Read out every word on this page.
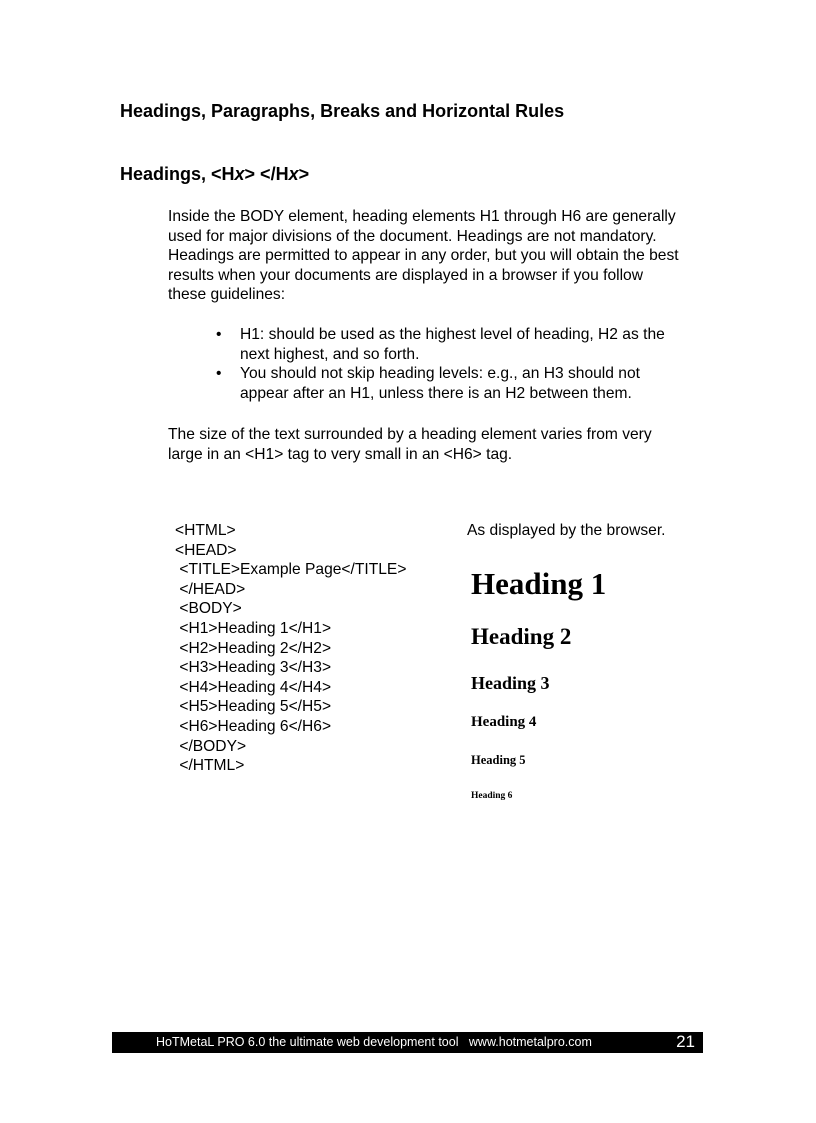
Headings, Paragraphs, Breaks and Horizontal Rules
Headings, <Hx> </Hx>
Inside the BODY element, heading elements H1 through H6 are generally
used for major divisions of the document. Headings are not mandatory.
Headings are permitted to appear in any order, but you will obtain the best
results when your documents are displayed in a browser if you follow
these guidelines:
• H1: should be used as the highest level of heading, H2 as the
next highest, and so forth.
• You should not skip heading levels: e.g., an H3 should not
appear after an H1, unless there is an H2 between them.
The size of the text surrounded by a heading element varies from very
large in an <H1> tag to very small in an <H6> tag.
<HTML>
<HEAD>
<TITLE>Example Page</TITLE>
</HEAD>
<BODY>
<H1>Heading 1</H1>
<H2>Heading 2</H2>
<H3>Heading 3</H3>
<H4>Heading 4</H4>
<H5>Heading 5</H5>
<H6>Heading 6</H6>
</BODY>
</HTML>
As displayed by the browser.
Heading 1
Heading 2
Heading 3
Heading 4
Heading 5
Heading 6
HoTMetaL PRO 6.0 the ultimate web development tool   www.hotmetalpro.com	21
